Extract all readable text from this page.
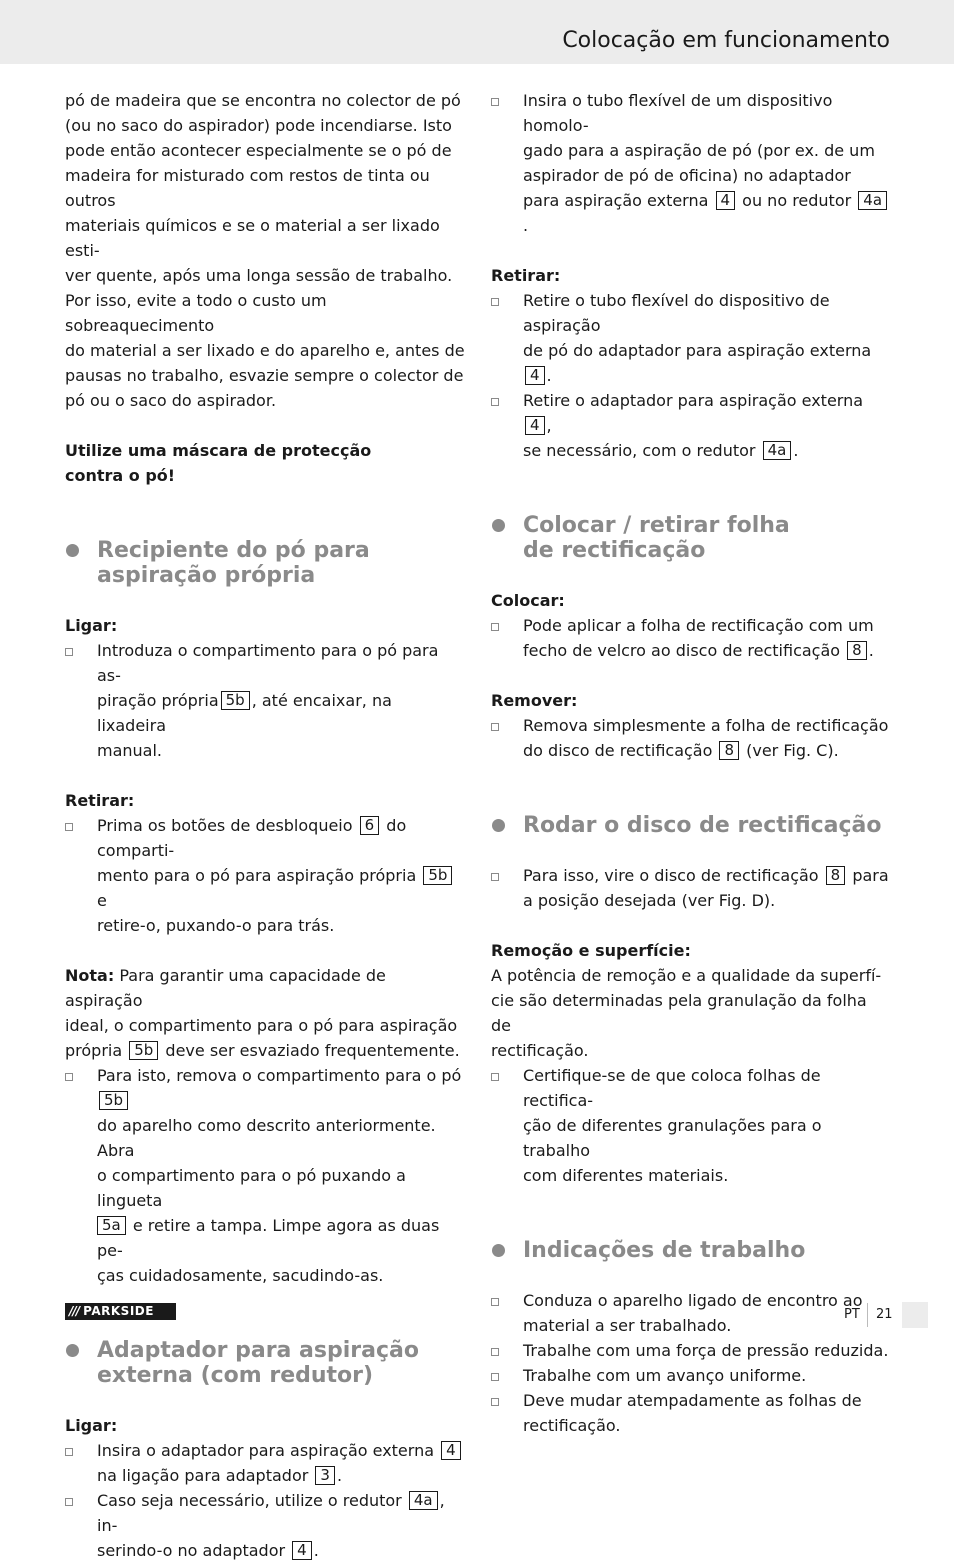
Colocação em funcionamento

pó de madeira que se encontra no colector de pó

(ou no saco do aspirador) pode incendiarse. Isto

pode então acontecer especialmente se o pó de

madeira for misturado com restos de tinta ou outros

materiais químicos e se o material a ser lixado esti-

ver quente, após uma longa sessão de trabalho.

Por isso, evite a todo o custo um sobreaquecimento

do material a ser lixado e do aparelho e, antes de

pausas no trabalho, esvazie sempre o colector de

pó ou o saco do aspirador.

Utilize uma máscara de protecção

contra o pó!

Recipiente do pó para
aspiração própria

Ligar:

Introduza o compartimento para o pó para as-
piração própria 5b , até encaixar, na lixadeira
manual.

Retirar:

Prima os botões de desbloqueio 6 do comparti-
mento para o pó para aspiração própria 5b e
retire-o, puxando-o para trás.

Nota: Para garantir uma capacidade de aspiração

ideal, o compartimento para o pó para aspiração

própria 5b deve ser esvaziado frequentemente.

Para isto, remova o compartimento para o pó 5b
do aparelho como descrito anteriormente. Abra
o compartimento para o pó puxando a lingueta
5a e retire a tampa. Limpe agora as duas pe-
ças cuidadosamente, sacudindo-as.
Adaptador para aspiração
externa (com redutor)

Ligar:

Insira o adaptador para aspiração externa 4
na ligação para adaptador 3 .
Caso seja necessário, utilize o redutor 4a , in-
serindo-o no adaptador 4 .
Insira o tubo flexível de um dispositivo homolo-
gado para a aspiração de pó (por ex. de um
aspirador de pó de oficina) no adaptador
para aspiração externa 4 ou no redutor 4a.

Retirar:

Retire o tubo flexível do dispositivo de aspiração
de pó do adaptador para aspiração externa 4 .
Retire o adaptador para aspiração externa 4 ,
se necessário, com o redutor 4a .
Colocar / retirar folha
de rectificação

Colocar:

Pode aplicar a folha de rectificação com um
fecho de velcro ao disco de rectificação 8 .

Remover:

Remova simplesmente a folha de rectificação
do disco de rectificação 8 (ver Fig. C).
Rodar o disco de rectificação
Para isso, vire o disco de rectificação 8 para
a posição desejada (ver Fig. D).

Remoção e superfície:

A potência de remoção e a qualidade da superfí-

cie são determinadas pela granulação da folha de

rectificação.

Certifique-se de que coloca folhas de rectifica-
ção de diferentes granulações para o trabalho
com diferentes materiais.
Indicações de trabalho
Conduza o aparelho ligado de encontro ao
material a ser trabalhado.
Trabalhe com uma força de pressão reduzida.
Trabalhe com um avanço uniforme.
Deve mudar atempadamente as folhas de
rectificação.
/// PARKSIDE	PT 21
